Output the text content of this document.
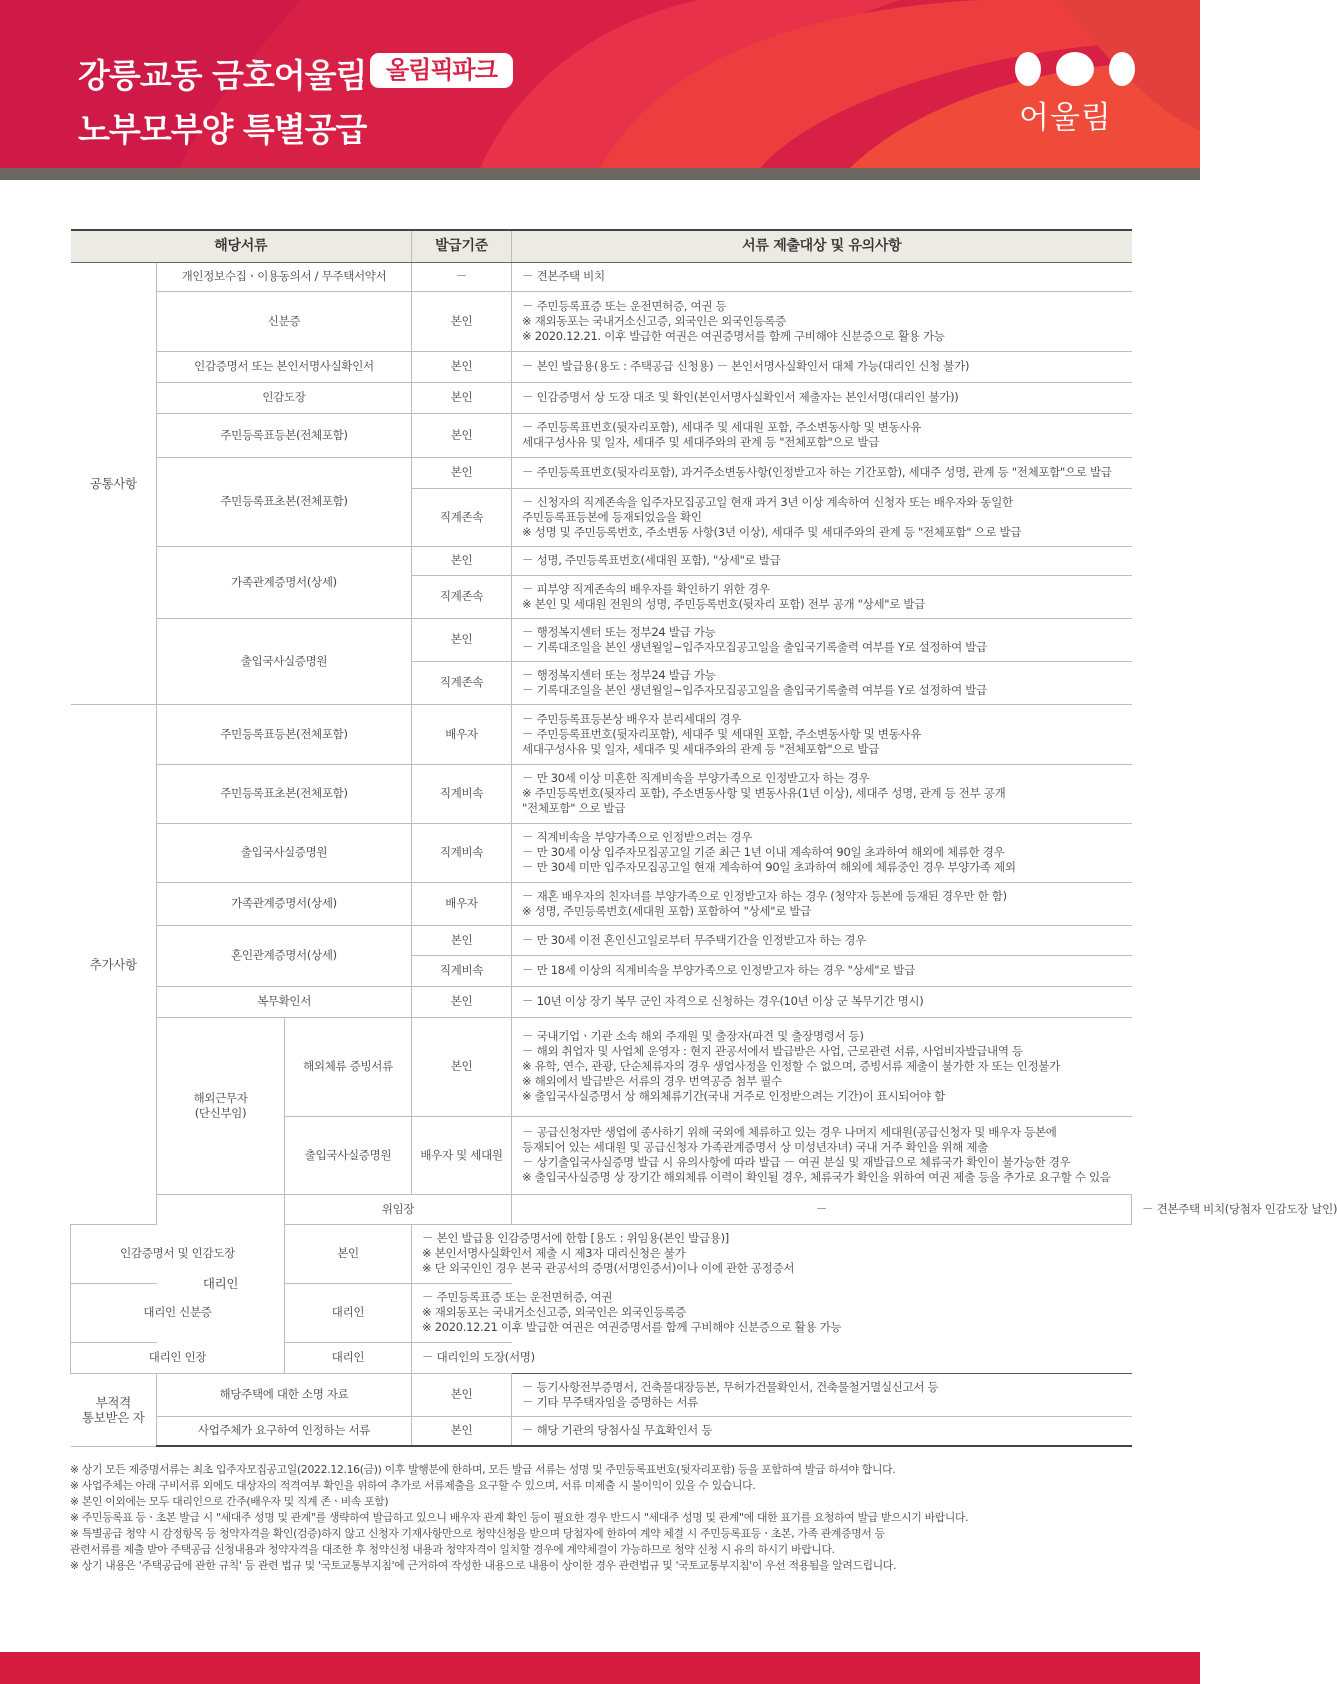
강릉교동 금호어울림 올림픽파크
노부모부양 특별공급	어울림
해당서류			발급기준	서류 제출대상 및 유의사항	
공통사항	개인정보수집ㆍ이용동의서 / 무주택서약서		－	－ 견본주택 비치	

	신분증		본인	－ 주민등록표증 또는 운전면허증, 여권 등
※ 재외동포는 국내거소신고증, 외국인은 외국인등록증
※ 2020.12.21. 이후 발급한 여권은 여권증명서를 함께 구비해야 신분증으로 활용 가능	

	인감증명서 또는 본인서명사실확인서		본인	－ 본인 발급용(용도 : 주택공급 신청용) － 본인서명사실확인서 대체 가능(대리인 신청 불가)	

	인감도장		본인	－ 인감증명서 상 도장 대조 및 확인(본인서명사실확인서 제출자는 본인서명(대리인 불가))	

	주민등록표등본(전체포함)		본인	－ 주민등록표번호(뒷자리포함), 세대주 및 세대원 포함, 주소변동사항 및 변동사유
세대구성사유 및 일자, 세대주 및 세대주와의 관계 등 "전체포함"으로 발급	

	주민등록표초본(전체포함)		본인	－ 주민등록표번호(뒷자리포함), 과거주소변동사항(인정받고자 하는 기간포함), 세대주 성명, 관계 등 "전체포함"으로 발급	

			직계존속	－ 신청자의 직계존속을 입주자모집공고일 현재 과거 3년 이상 계속하여 신청자 또는 배우자와 동일한
주민등록표등본에 등재되었음을 확인
※ 성명 및 주민등록번호, 주소변동 사항(3년 이상), 세대주 및 세대주와의 관계 등 "전체포함" 으로 발급	

	가족관계증명서(상세)		본인	－ 성명, 주민등록표번호(세대원 포함), "상세"로 발급	

			직계존속	－ 피부양 직계존속의 배우자를 확인하기 위한 경우
※ 본인 및 세대원 전원의 성명, 주민등록번호(뒷자리 포함) 전부 공개 "상세"로 발급	

	출입국사실증명원		본인	－ 행정복지센터 또는 정부24 발급 가능
－ 기록대조일을 본인 생년월일~입주자모집공고일을 출입국기록출력 여부를 Y로 설정하여 발급	

			직계존속	－ 행정복지센터 또는 정부24 발급 가능
－ 기록대조일을 본인 생년월일~입주자모집공고일을 출입국기록출력 여부를 Y로 설정하여 발급	

추가사항	주민등록표등본(전체포함)		배우자	－ 주민등록표등본상 배우자 분리세대의 경우
－ 주민등록표번호(뒷자리포함), 세대주 및 세대원 포함, 주소변동사항 및 변동사유
세대구성사유 및 일자, 세대주 및 세대주와의 관계 등 "전체포함"으로 발급	

	주민등록표초본(전체포함)		직계비속	－ 만 30세 이상 미혼한 직계비속을 부양가족으로 인정받고자 하는 경우
※ 주민등록번호(뒷자리 포함), 주소변동사항 및 변동사유(1년 이상), 세대주 성명, 관계 등 전부 공개
"전체포함" 으로 발급	

	출입국사실증명원		직계비속	－ 직계비속을 부양가족으로 인정받으려는 경우
－ 만 30세 이상 입주자모집공고일 기준 최근 1년 이내 계속하여 90일 초과하여 해외에 체류한 경우
－ 만 30세 미만 입주자모집공고일 현재 계속하여 90일 초과하여 해외에 체류중인 경우 부양가족 제외	

	가족관계증명서(상세)		배우자	－ 재혼 배우자의 친자녀를 부양가족으로 인정받고자 하는 경우 (청약자 등본에 등재된 경우만 한 함)
※ 성명, 주민등록번호(세대원 포함) 포함하여 "상세"로 발급	

	혼인관계증명서(상세)		본인	－ 만 30세 이전 혼인신고일로부터 무주택기간을 인정받고자 하는 경우	

			직계비속	－ 만 18세 이상의 직계비속을 부양가족으로 인정받고자 하는 경우 "상세"로 발급	

	복무확인서		본인	－ 10년 이상 장기 복무 군인 자격으로 신청하는 경우(10년 이상 군 복무기간 명시)	

	해외근무자
(단신부임)	해외체류 증빙서류	본인	－ 국내기업ㆍ기관 소속 해외 주재원 및 출장자(파견 및 출장명령서 등)
－ 해외 취업자 및 사업체 운영자 : 현지 관공서에서 발급받은 사업, 근로관련 서류, 사업비자발급내역 등
※ 유학, 연수, 관광, 단순체류자의 경우 생업사정을 인정할 수 없으며, 증빙서류 제출이 불가한 자 또는 인정불가
※ 해외에서 발급받은 서류의 경우 번역공증 첨부 필수
※ 출입국사실증명서 상 해외체류기간(국내 거주로 인정받으려는 기간)이 표시되어야 함	

		출입국사실증명원	배우자 및 세대원	－ 공급신청자만 생업에 종사하기 위해 국외에 체류하고 있는 경우 나머지 세대원(공급신청자 및 배우자 등본에
등재되어 있는 세대원 및 공급신청자 가족관계증명서 상 미성년자녀) 국내 거주 확인을 위해 제출
－ 상기출입국사실증명 발급 시 유의사항에 따라 발급 － 여권 분실 및 재발급으로 체류국가 확인이 불가능한 경우
※ 출입국사실증명 상 장기간 해외체류 이력이 확인될 경우, 체류국가 확인을 위하여 여권 제출 등을 추가로 요구할 수 있음	

	대리인	위임장		－	－ 견본주택 비치(당첨자 인감도장 날인)

인감증명서 및 인감도장		본인	－ 본인 발급용 인감증명서에 한함 [용도 : 위임용(본인 발급용)]
※ 본인서명사실확인서 제출 시 제3자 대리신청은 불가
※ 단 외국인인 경우 본국 관공서의 증명(서명인증서)이나 이에 관한 공정증서		

대리인 신분증		대리인	－ 주민등록표증 또는 운전면허증, 여권
※ 재외동포는 국내거소신고증, 외국인은 외국인등록증
※ 2020.12.21 이후 발급한 여권은 여권증명서를 함께 구비해야 신분증으로 활용 가능		

대리인 인장		대리인	－ 대리인의 도장(서명)		

부적격
통보받은 자	해당주택에 대한 소명 자료		본인	－ 등기사항전부증명서, 건축물대장등본, 무허가건물확인서, 건축물철거멸실신고서 등
－ 기타 무주택자임을 증명하는 서류	

	사업주체가 요구하여 인정하는 서류		본인	－ 해당 기관의 당첨사실 무효확인서 등	
※ 상기 모든 제증명서류는 최초 입주자모집공고일(2022.12.16(금)) 이후 발행분에 한하며, 모든 발급 서류는 성명 및 주민등록표번호(뒷자리포함) 등을 포함하여 발급 하셔야 합니다.
※ 사업주체는 아래 구비서류 외에도 대상자의 적격여부 확인을 위하여 추가로 서류제출을 요구할 수 있으며, 서류 미제출 시 불이익이 있을 수 있습니다.
※ 본인 이외에는 모두 대리인으로 간주(배우자 및 직계 존ㆍ비속 포함)
※ 주민등록표 등ㆍ초본 발급 시 "세대주 성명 및 관계"를 생략하여 발급하고 있으니 배우자 관계 확인 등이 필요한 경우 반드시 "세대주 성명 및 관계"에 대한 표기를 요청하여 발급 받으시기 바랍니다.
※ 특별공급 청약 시 감정항목 등 청약자격을 확인(검증)하지 않고 신청자 기재사항만으로 청약신청을 받으며 당첨자에 한하여 계약 체결 시 주민등록표등ㆍ초본, 가족 관계증명서 등
관련서류를 제출 받아 주택공급 신청내용과 청약자격을 대조한 후 청약신청 내용과 청약자격이 일치할 경우에 계약체결이 가능하므로 청약 신청 시 유의 하시기 바랍니다.
※ 상기 내용은 '주택공급에 관한 규칙' 등 관련 법규 및 '국토교통부지침'에 근거하여 작성한 내용으로 내용이 상이한 경우 관련법규 및 '국토교통부지침'이 우선 적용됨을 알려드립니다.
